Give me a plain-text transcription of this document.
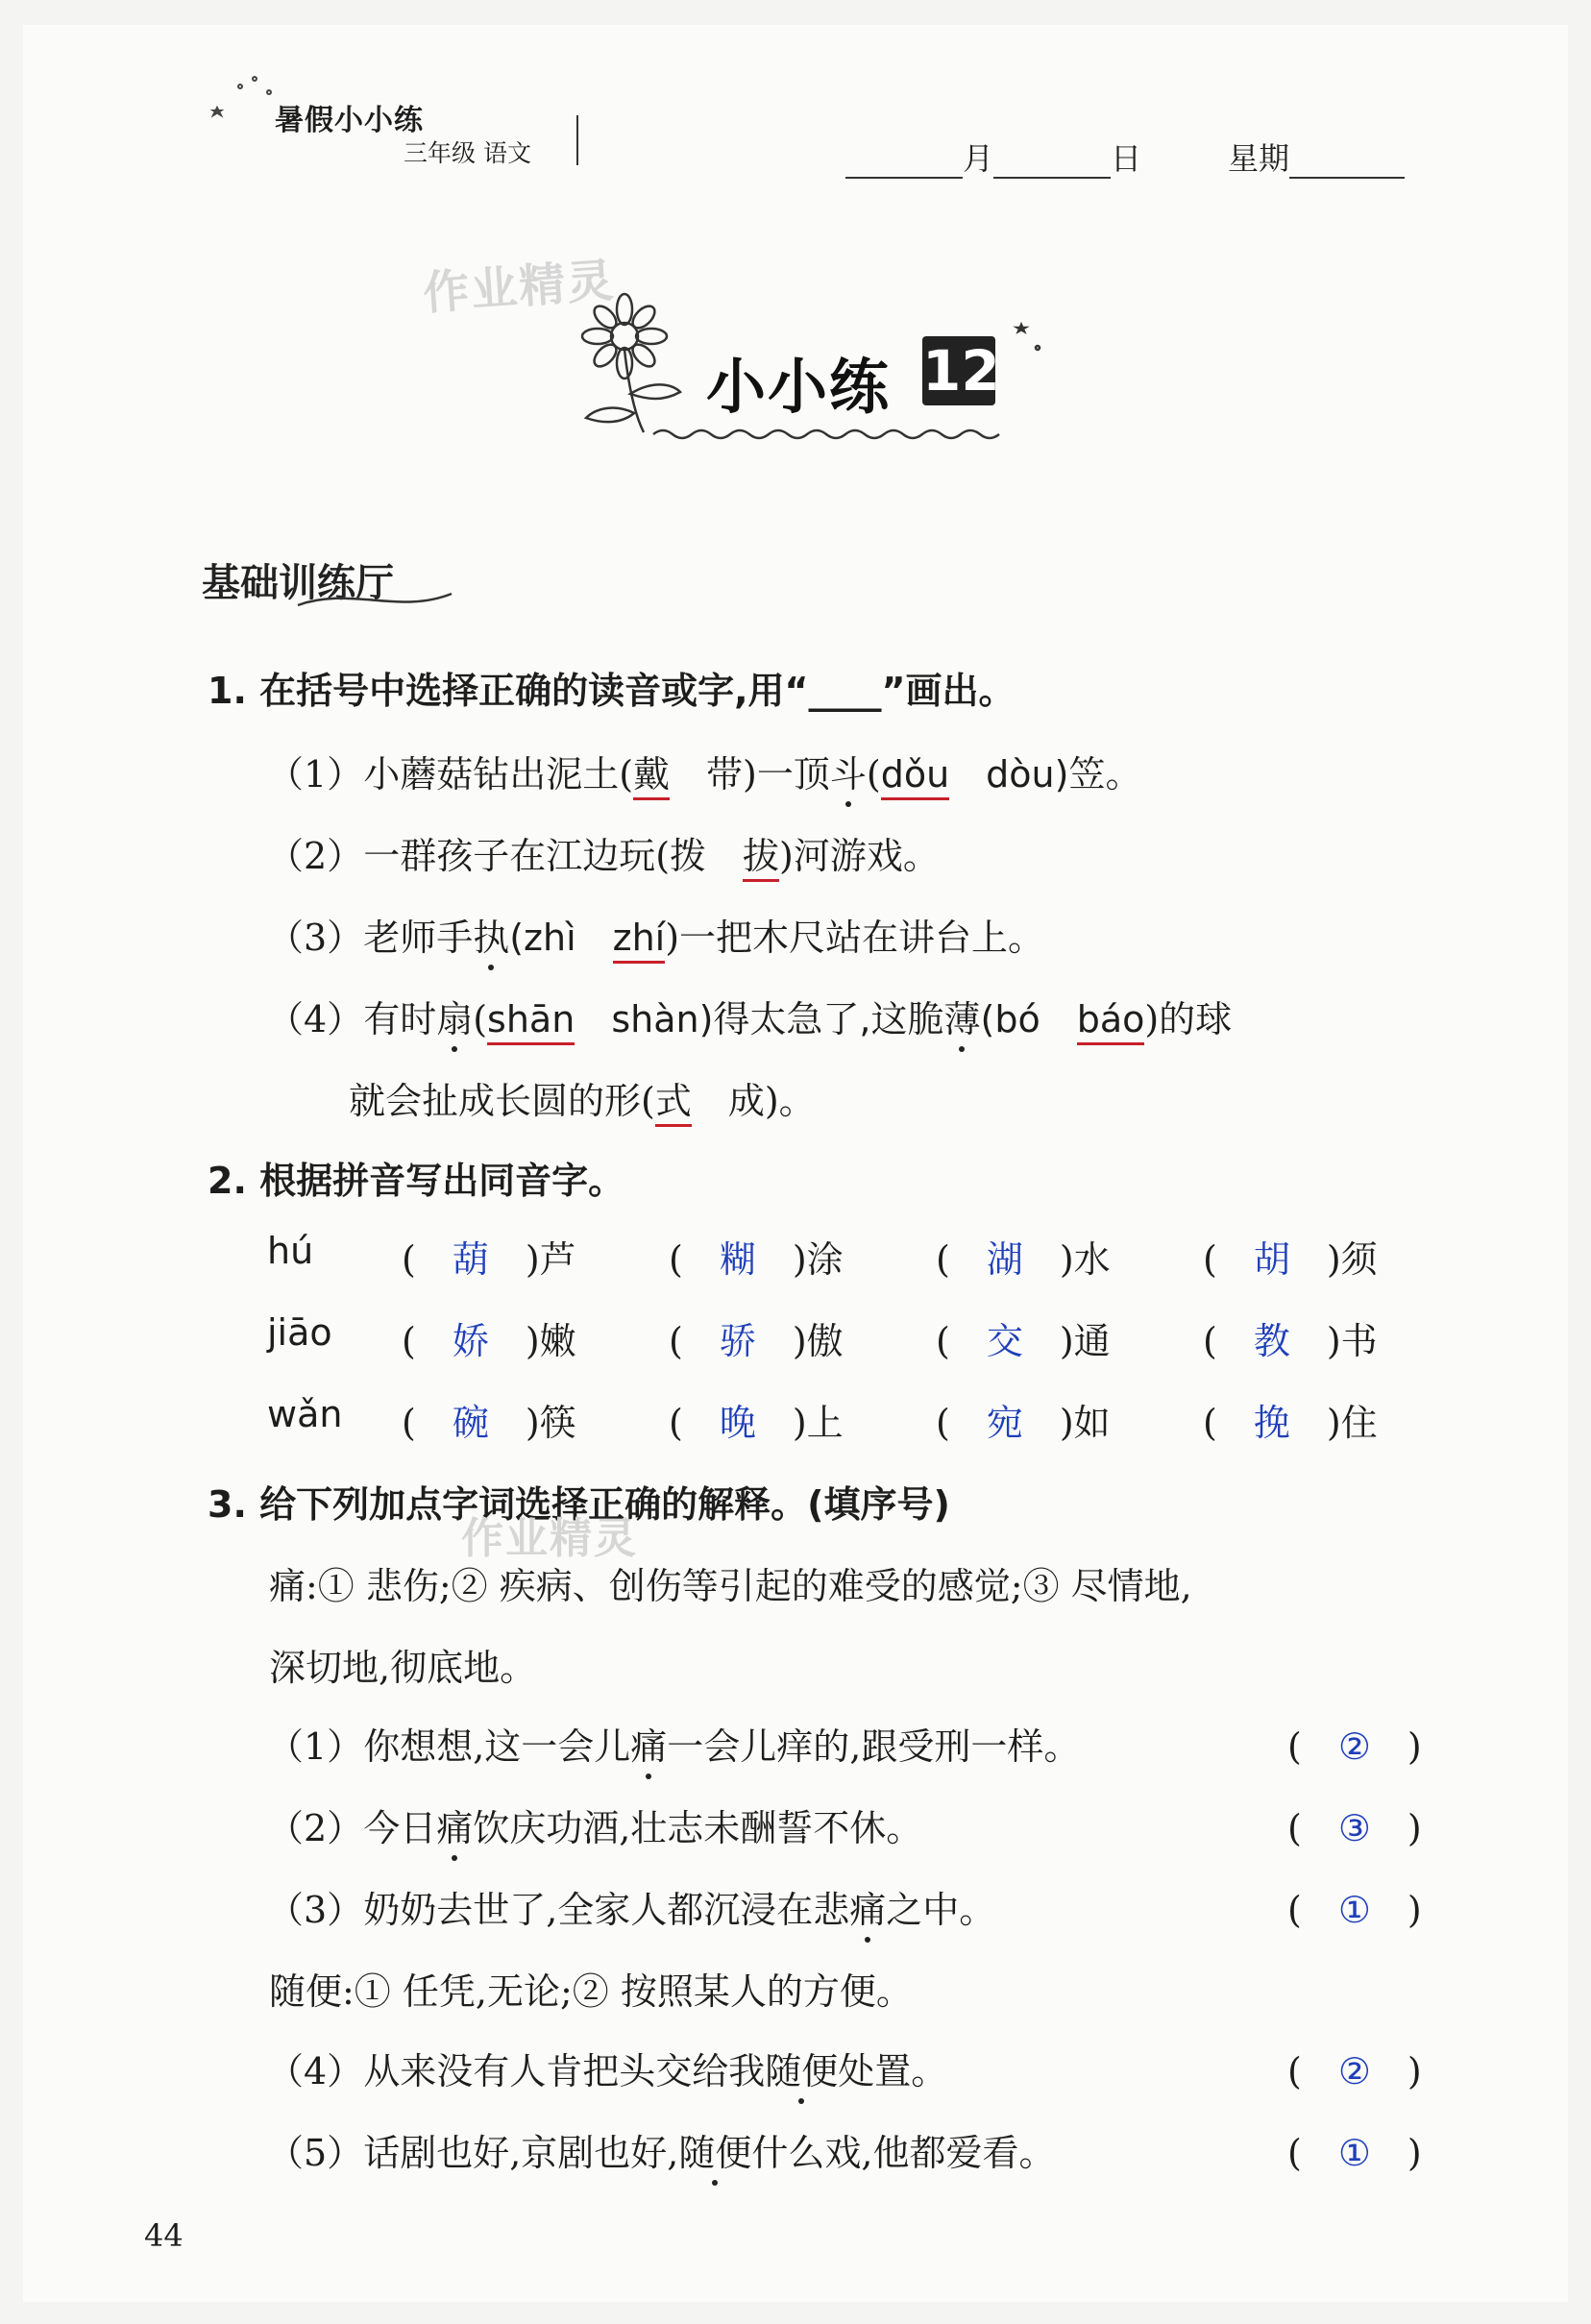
暑假小小练
三年级 语文	月	日	星期
作业精灵
小小练 12
基础训练厅
1. 在括号中选择正确的读音或字,用“____”画出。
（1）小蘑菇钻出泥土(戴　带)一顶斗(dǒu　dòu)笠。
（2）一群孩子在江边玩(拨　拔)河游戏。
（3）老师手执(zhì　zhí)一把木尺站在讲台上。
（4）有时扇(shān　shàn)得太急了,这脆薄(bó　báo)的球
就会扯成长圆的形(式　成)。
2. 根据拼音写出同音字。
hú (　葫　)芦	(　糊　)涂	(　湖　)水	(　胡　)须
jiāo (　娇　)嫩	(　骄　)傲	(　交　)通	(　教　)书
wǎn (　碗　)筷	(　晚　)上	(　宛　)如	(　挽　)住
3. 给下列加点字词选择正确的解释。(填序号)
作业精灵
痛:① 悲伤;② 疾病、创伤等引起的难受的感觉;③ 尽情地,
深切地,彻底地。
（1）你想想,这一会儿痛一会儿痒的,跟受刑一样。	(　②　)
（2）今日痛饮庆功酒,壮志未酬誓不休。	(　③　)
（3）奶奶去世了,全家人都沉浸在悲痛之中。	(　①　)
随便:① 任凭,无论;② 按照某人的方便。
（4）从来没有人肯把头交给我随便处置。	(　②　)
（5）话剧也好,京剧也好,随便什么戏,他都爱看。	(　①　)
44
